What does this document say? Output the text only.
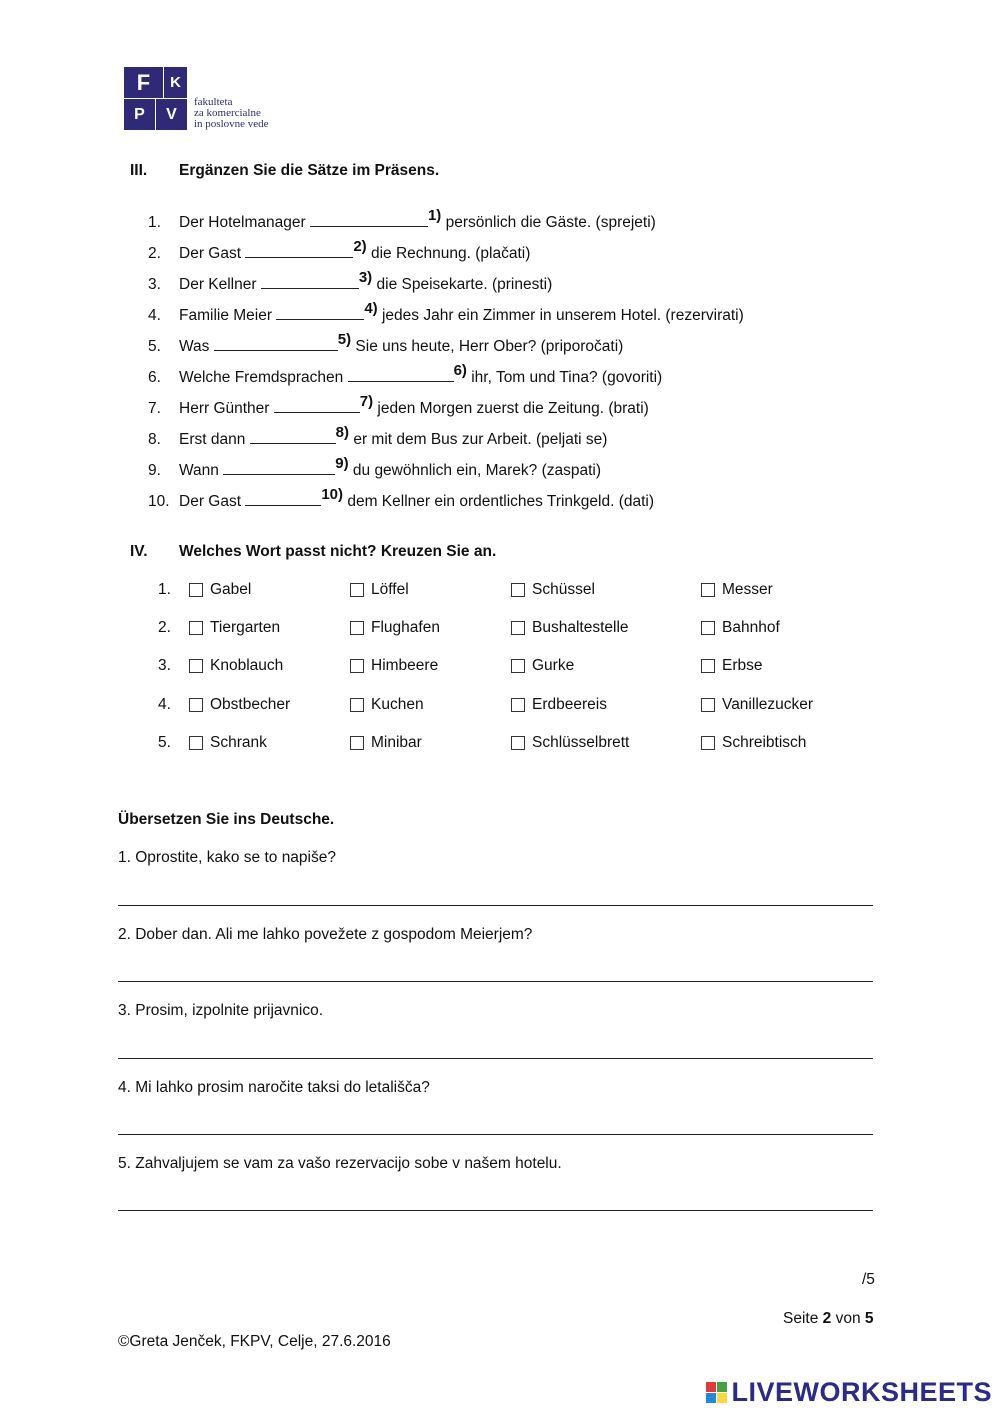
F	K
P	V
fakulteta
za komercialne
in poslovne vede
III. Ergänzen Sie die Sätze im Präsens.
1. Der Hotelmanager	1) persönlich die Gäste. (sprejeti)
2. Der Gast	2) die Rechnung. (plačati)
3. Der Kellner	3) die Speisekarte. (prinesti)
4. Familie Meier	4) jedes Jahr ein Zimmer in unserem Hotel. (rezervirati)
5. Was	5) Sie uns heute, Herr Ober? (priporočati)
6. Welche Fremdsprachen	6) ihr, Tom und Tina? (govoriti)
7. Herr Günther	7) jeden Morgen zuerst die Zeitung. (brati)
8. Erst dann	8) er mit dem Bus zur Arbeit. (peljati se)
9. Wann	9) du gewöhnlich ein, Marek? (zaspati)
10. Der Gast	10) dem Kellner ein ordentliches Trinkgeld. (dati)
IV. Welches Wort passt nicht? Kreuzen Sie an.
1.	Gabel	Löffel	Schüssel	Messer
2.	Tiergarten	Flughafen	Bushaltestelle	Bahnhof
3.	Knoblauch	Himbeere	Gurke	Erbse
4.	Obstbecher	Kuchen	Erdbeereis	Vanillezucker
5.	Schrank	Minibar	Schlüsselbrett	Schreibtisch
Übersetzen Sie ins Deutsche.
1. Oprostite, kako se to napiše?
2. Dober dan. Ali me lahko povežete z gospodom Meierjem?
3. Prosim, izpolnite prijavnico.
4. Mi lahko prosim naročite taksi do letališča?
5. Zahvaljujem se vam za vašo rezervacijo sobe v našem hotelu.
/5
Seite 2 von 5
©Greta Jenček, FKPV, Celje, 27.6.2016
LIVEWORKSHEETS
